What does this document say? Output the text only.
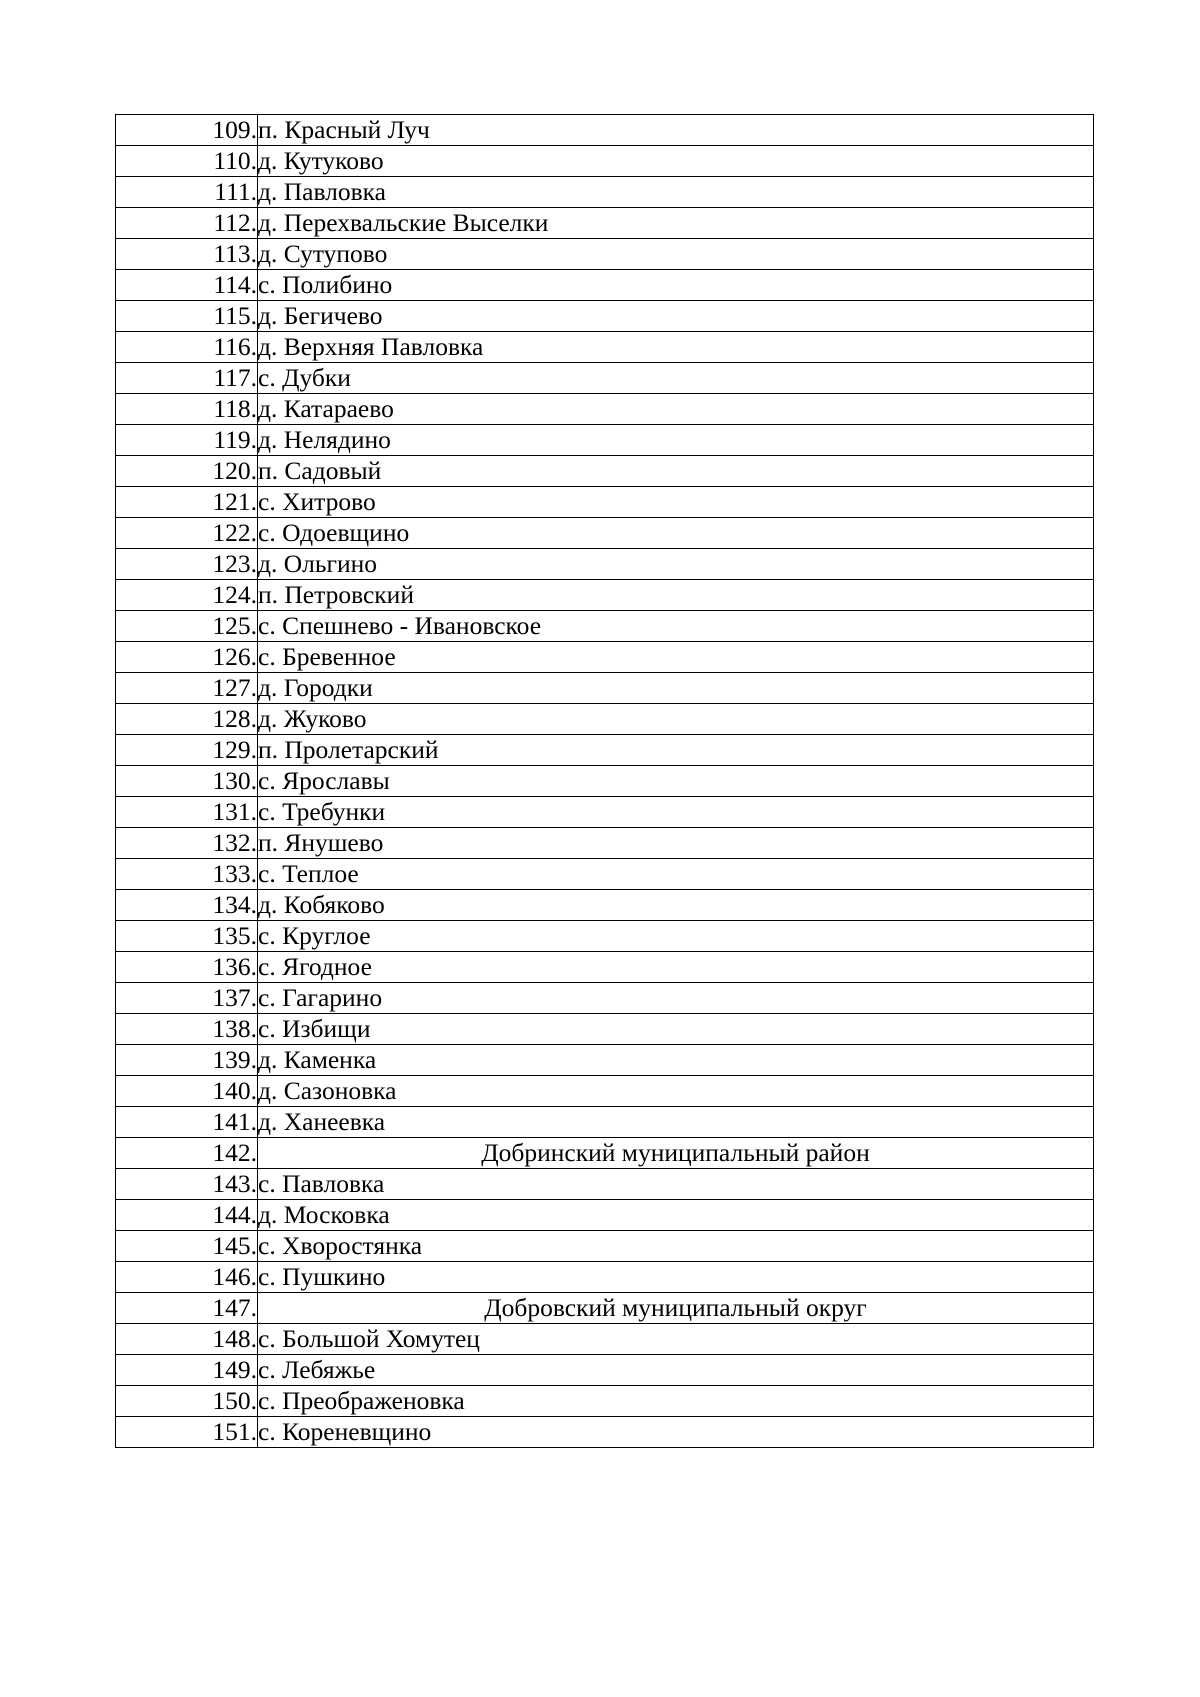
109.	п. Красный Луч
110.	д. Кутуково
111.	д. Павловка
112.	д. Перехвальские Выселки
113.	д. Сутупово
114.	с. Полибино
115.	д. Бегичево
116.	д. Верхняя Павловка
117.	с. Дубки
118.	д. Катараево
119.	д. Нелядино
120.	п. Садовый
121.	с. Хитрово
122.	с. Одоевщино
123.	д. Ольгино
124.	п. Петровский
125.	с. Спешнево - Ивановское
126.	с. Бревенное
127.	д. Городки
128.	д. Жуково
129.	п. Пролетарский
130.	с. Ярославы
131.	с. Требунки
132.	п. Янушево
133.	с. Теплое
134.	д. Кобяково
135.	с. Круглое
136.	с. Ягодное
137.	с. Гагарино
138.	с. Избищи
139.	д. Каменка
140.	д. Сазоновка
141.	д. Ханеевка
142.	Добринский муниципальный район
143.	с. Павловка
144.	д. Московка
145.	с. Хворостянка
146.	с. Пушкино
147.	Добровский муниципальный округ
148.	с. Большой Хомутец
149.	с. Лебяжье
150.	с. Преображеновка
151.	с. Кореневщино
